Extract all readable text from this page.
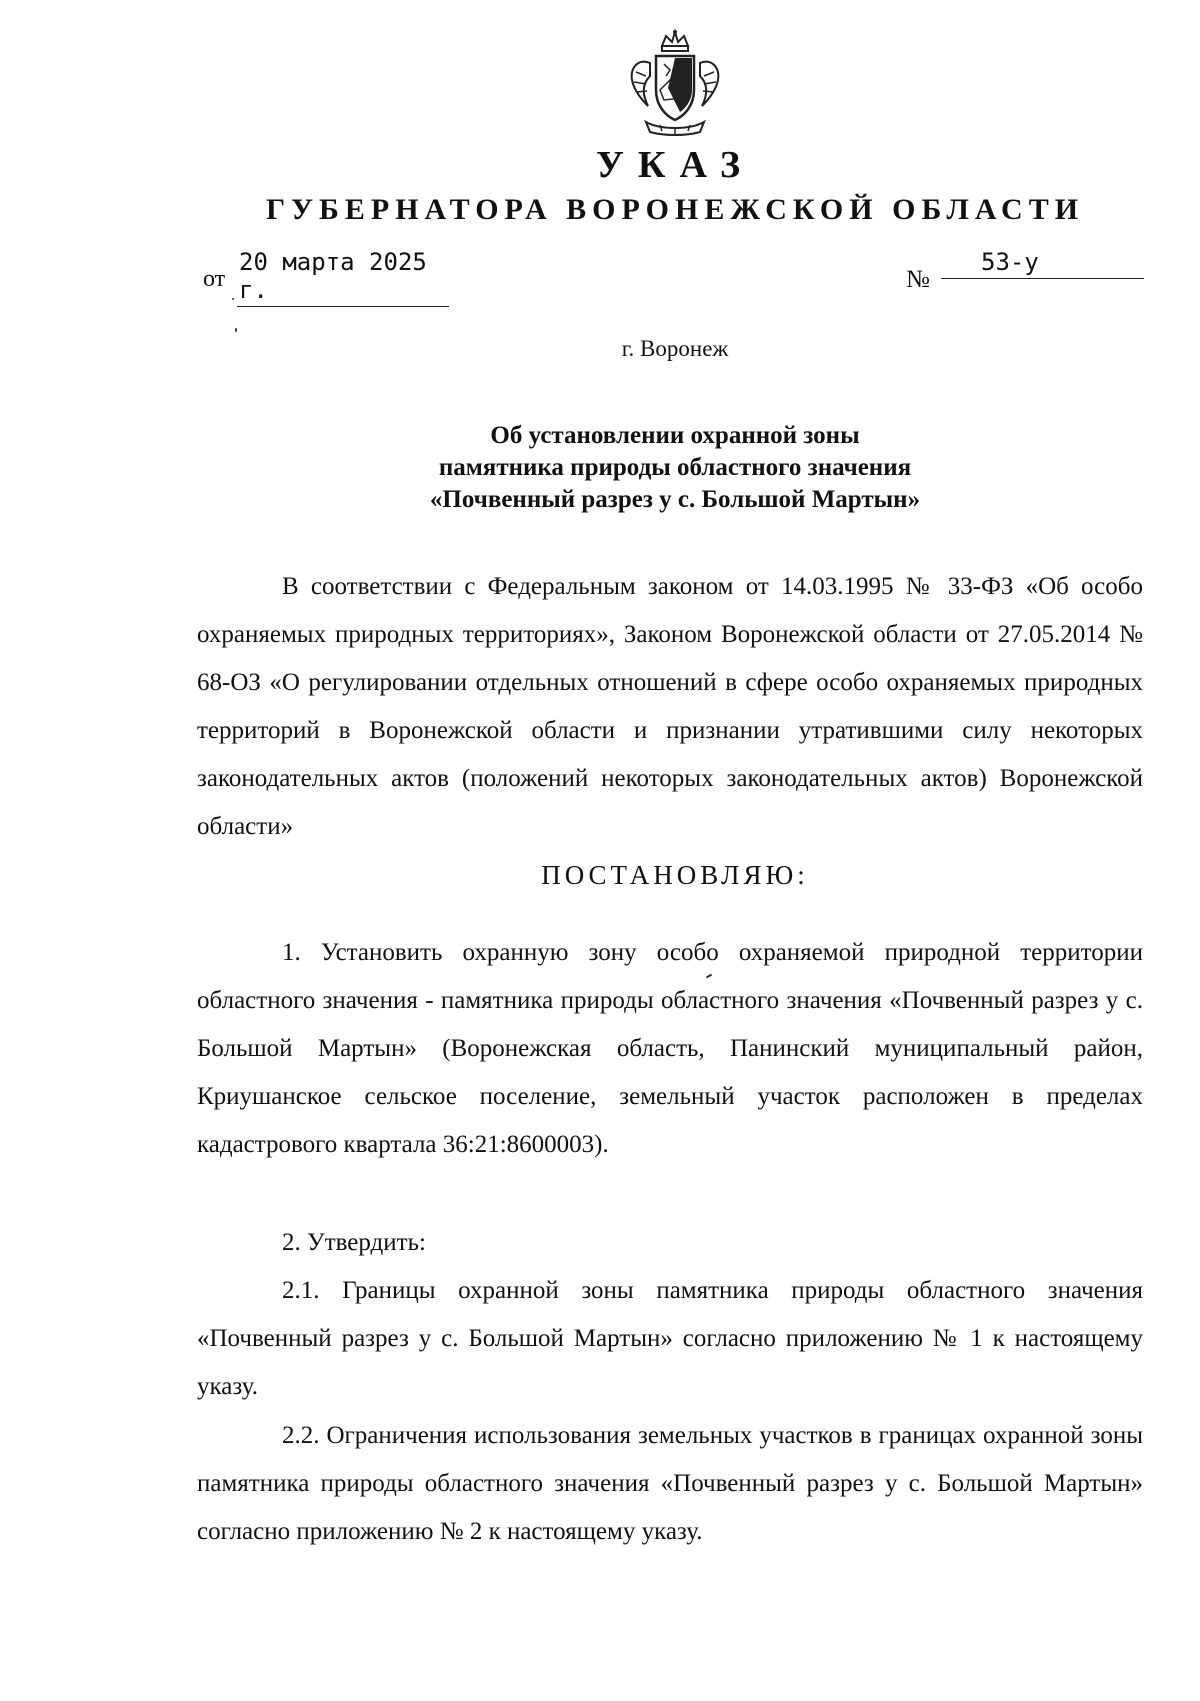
УКАЗ
ГУБЕРНАТОРА ВОРОНЕЖСКОЙ ОБЛАСТИ
от
20 марта 2025 г.	№
53-у
г. Воронеж
Об установлении охранной зоны
памятника природы областного значения
«Почвенный разрез у с. Большой Мартын»

В соответствии с Федеральным законом от 14.03.1995 № 33-ФЗ «Об особо охраняемых природных территориях», Законом Воронежской области от 27.05.2014 № 68-ОЗ «О регулировании отдельных отношений в сфере особо охраняемых природных территорий в Воронежской области и признании утратившими силу некоторых законодательных актов (положений некоторых законодательных актов) Воронежской области»

ПОСТАНОВЛЯЮ:

1. Установить охранную зону особо охраняемой природной территории областного значения - памятника природы областного значения «Почвенный разрез у с. Большой Мартын» (Воронежская область, Панинский муниципальный район, Криушанское сельское поселение, земельный участок расположен в пределах кадастрового квартала 36:21:8600003).

2. Утвердить:

2.1. Границы охранной зоны памятника природы областного значения «Почвенный разрез у с. Большой Мартын» согласно приложению № 1 к настоящему указу.

2.2. Ограничения использования земельных участков в границах охранной зоны памятника природы областного значения «Почвенный разрез у с. Большой Мартын» согласно приложению № 2 к настоящему указу.
